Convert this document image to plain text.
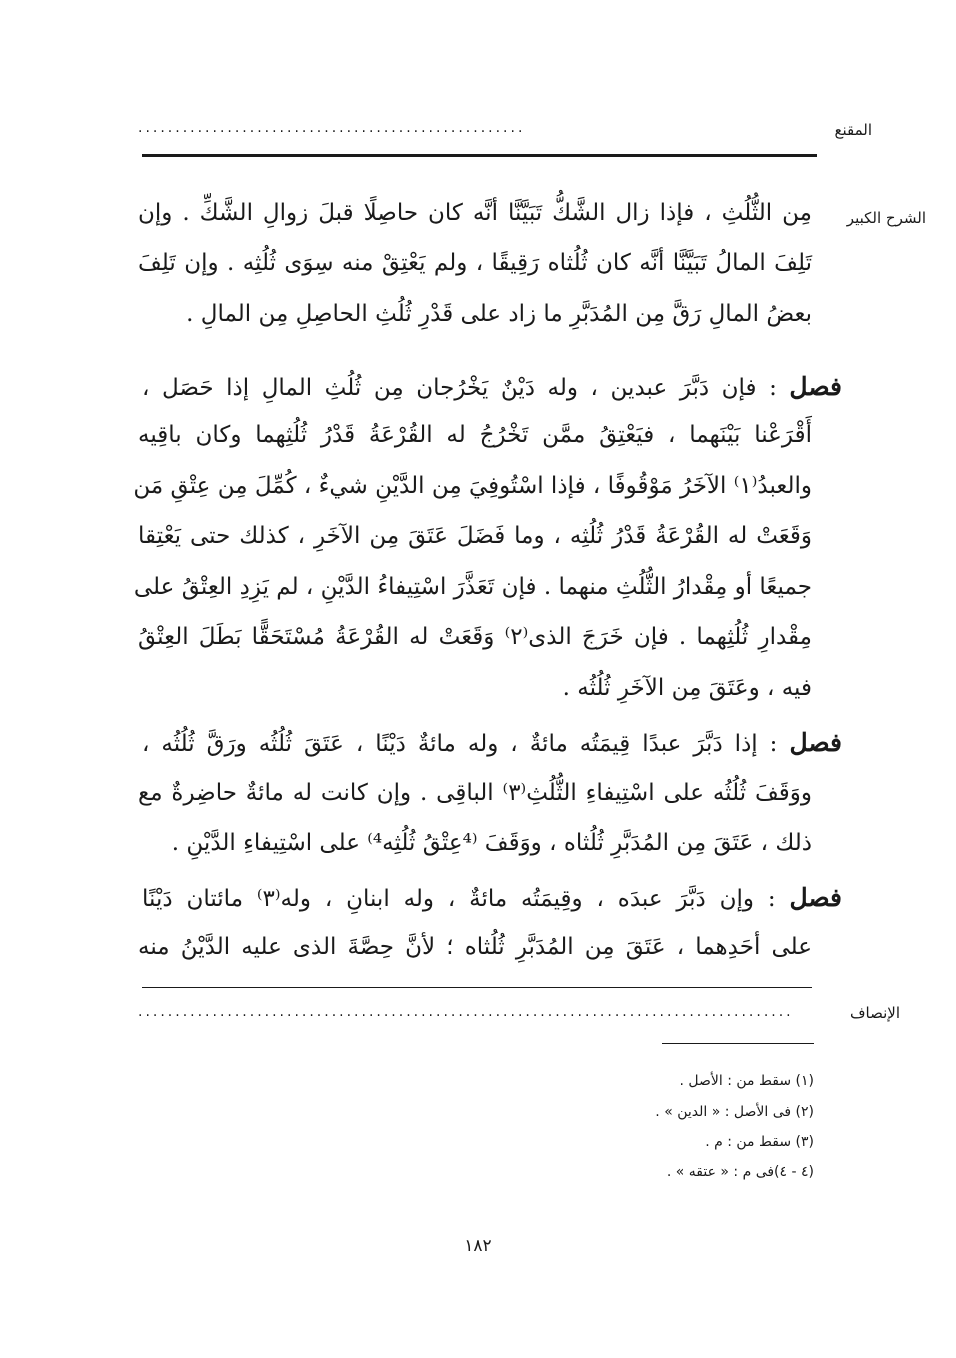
المقنع
....................................................
الشرح الكبير
مِن الثُّلُثِ ، فإذا زال الشَّكُّ تَبَيَّنَّا أنَّه كان حاصِلًا قبلَ زوالِ الشَّكِّ . وإن
تَلِفَ المالُ تَبَيَّنَّا أنَّه كان ثُلُثاه رَقِيقًا ، ولم يَعْتِقْ منه سِوَى ثُلُثِه . وإن تَلِفَ
بعضُ المالِ رَقَّ مِن المُدَبَّرِ ما زاد على قَدْرِ ثُلُثِ الحاصِلِ مِن المالِ .
فصل : فإن دَبَّرَ عبدين ، وله دَيْنٌ يَخْرُجان مِن ثُلُثِ المالِ إذا حَصَل ،
أَقْرَعْنا بَيْنَهما ، فيَعْتِقُ ممَّن تَخْرُجُ له القُرْعَةُ قَدْرُ ثُلُثِهما وكان باقِيه
والعبدُ⁽١⁾ الآخَرُ مَوْقُوفًا ، فإذا اسْتُوفِيَ مِن الدَّيْنِ شيءٌ ، كُمِّلَ مِن عِتْقِ مَن
وَقَعَتْ له القُرْعَةُ قَدْرُ ثُلُثِه ، وما فَضَلَ عَتَقَ مِن الآخَرِ ، كذلك حتى يَعْتِقا
جميعًا أو مِقْدارُ الثُّلُثِ منهما . فإن تَعَذَّرَ اسْتِيفاءُ الدَّيْنِ ، لم يَزِدِ العِتْقُ على
مِقْدارِ ثُلُثِهما . فإن خَرَجَ الذى⁽٢⁾ وَقَعَتْ له القُرْعَةُ مُسْتَحَقًّا بَطَلَ العِتْقُ
فيه ، وعَتَقَ مِن الآخَرِ ثُلُثُه .
فصل : إذا دَبَّرَ عبدًا قِيمَتُه مائةٌ ، وله مائةٌ دَيْنًا ، عَتَقَ ثُلُثُه ورَقَّ ثُلُثُه ،
ووَقَفَ ثُلُثُه على اسْتِيفاءِ الثُّلُثِ⁽٣⁾ الباقِى . وإن كانت له مائةٌ حاضِرةٌ مع
ذلك ، عَتَقَ مِن المُدَبَّرِ ثُلُثاه ، ووَقَفَ ⁽⁴عِتْقُ ثُلُثِه⁴⁾ على اسْتِيفاءِ الدَّيْنِ .
فصل : وإن دَبَّرَ عبدَه ، وقِيمَتُه مائةٌ ، وله ابنانِ ، وله⁽٣⁾ مائتان دَيْنًا
على أحَدِهما ، عَتَقَ مِن المُدَبَّرِ ثُلُثاه ؛ لأنَّ حِصَّةَ الذى عليه الدَّيْنُ منه
الإنصاف
........................................................................................
(١) سقط من : الأصل .
(٢) فى الأصل : « الدين » .
(٣) سقط من : م .
(٤ - ٤)فى م : « عتقه » .
١٨٢
